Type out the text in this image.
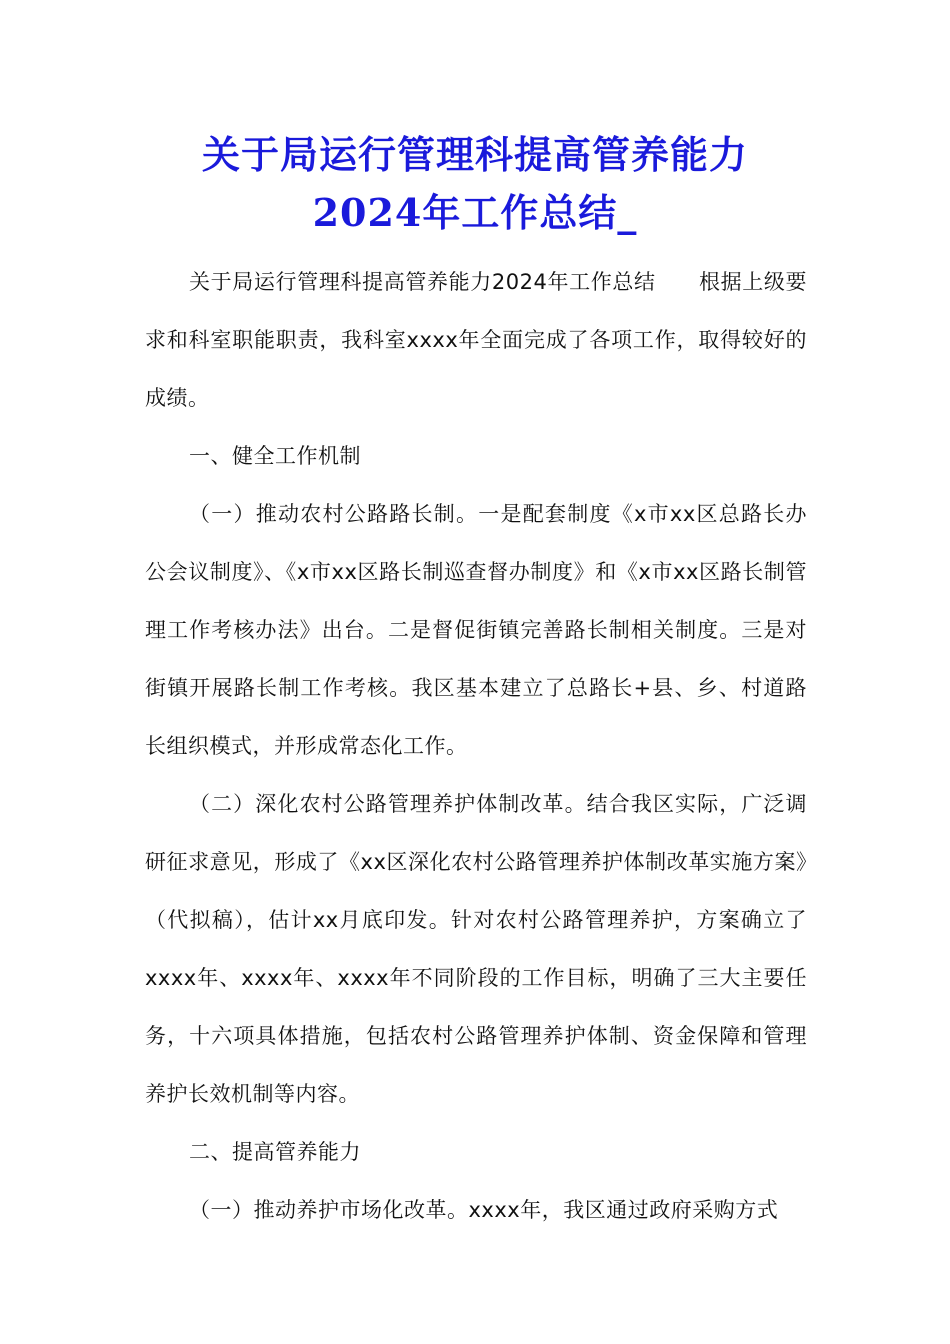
关于局运行管理科提高管养能力
2024年工作总结_

关于局运行管理科提高管养能力2024年工作总结　　根据上级要求和科室职能职责，我科室xxxx年全面完成了各项工作，取得较好的成绩。

一、健全工作机制

（一）推动农村公路路长制。一是配套制度《x市xx区总路长办公会议制度》、《x市xx区路长制巡查督办制度》和《x市xx区路长制管理工作考核办法》出台。二是督促街镇完善路长制相关制度。三是对街镇开展路长制工作考核。我区基本建立了总路长+县、乡、村道路长组织模式，并形成常态化工作。

（二）深化农村公路管理养护体制改革。结合我区实际，广泛调研征求意见，形成了《xx区深化农村公路管理养护体制改革实施方案》（代拟稿），估计xx月底印发。针对农村公路管理养护，方案确立了xxxx年、xxxx年、xxxx年不同阶段的工作目标，明确了三大主要任务，十六项具体措施，包括农村公路管理养护体制、资金保障和管理养护长效机制等内容。

二、提高管养能力

（一）推动养护市场化改革。xxxx年，我区通过政府采购方式
